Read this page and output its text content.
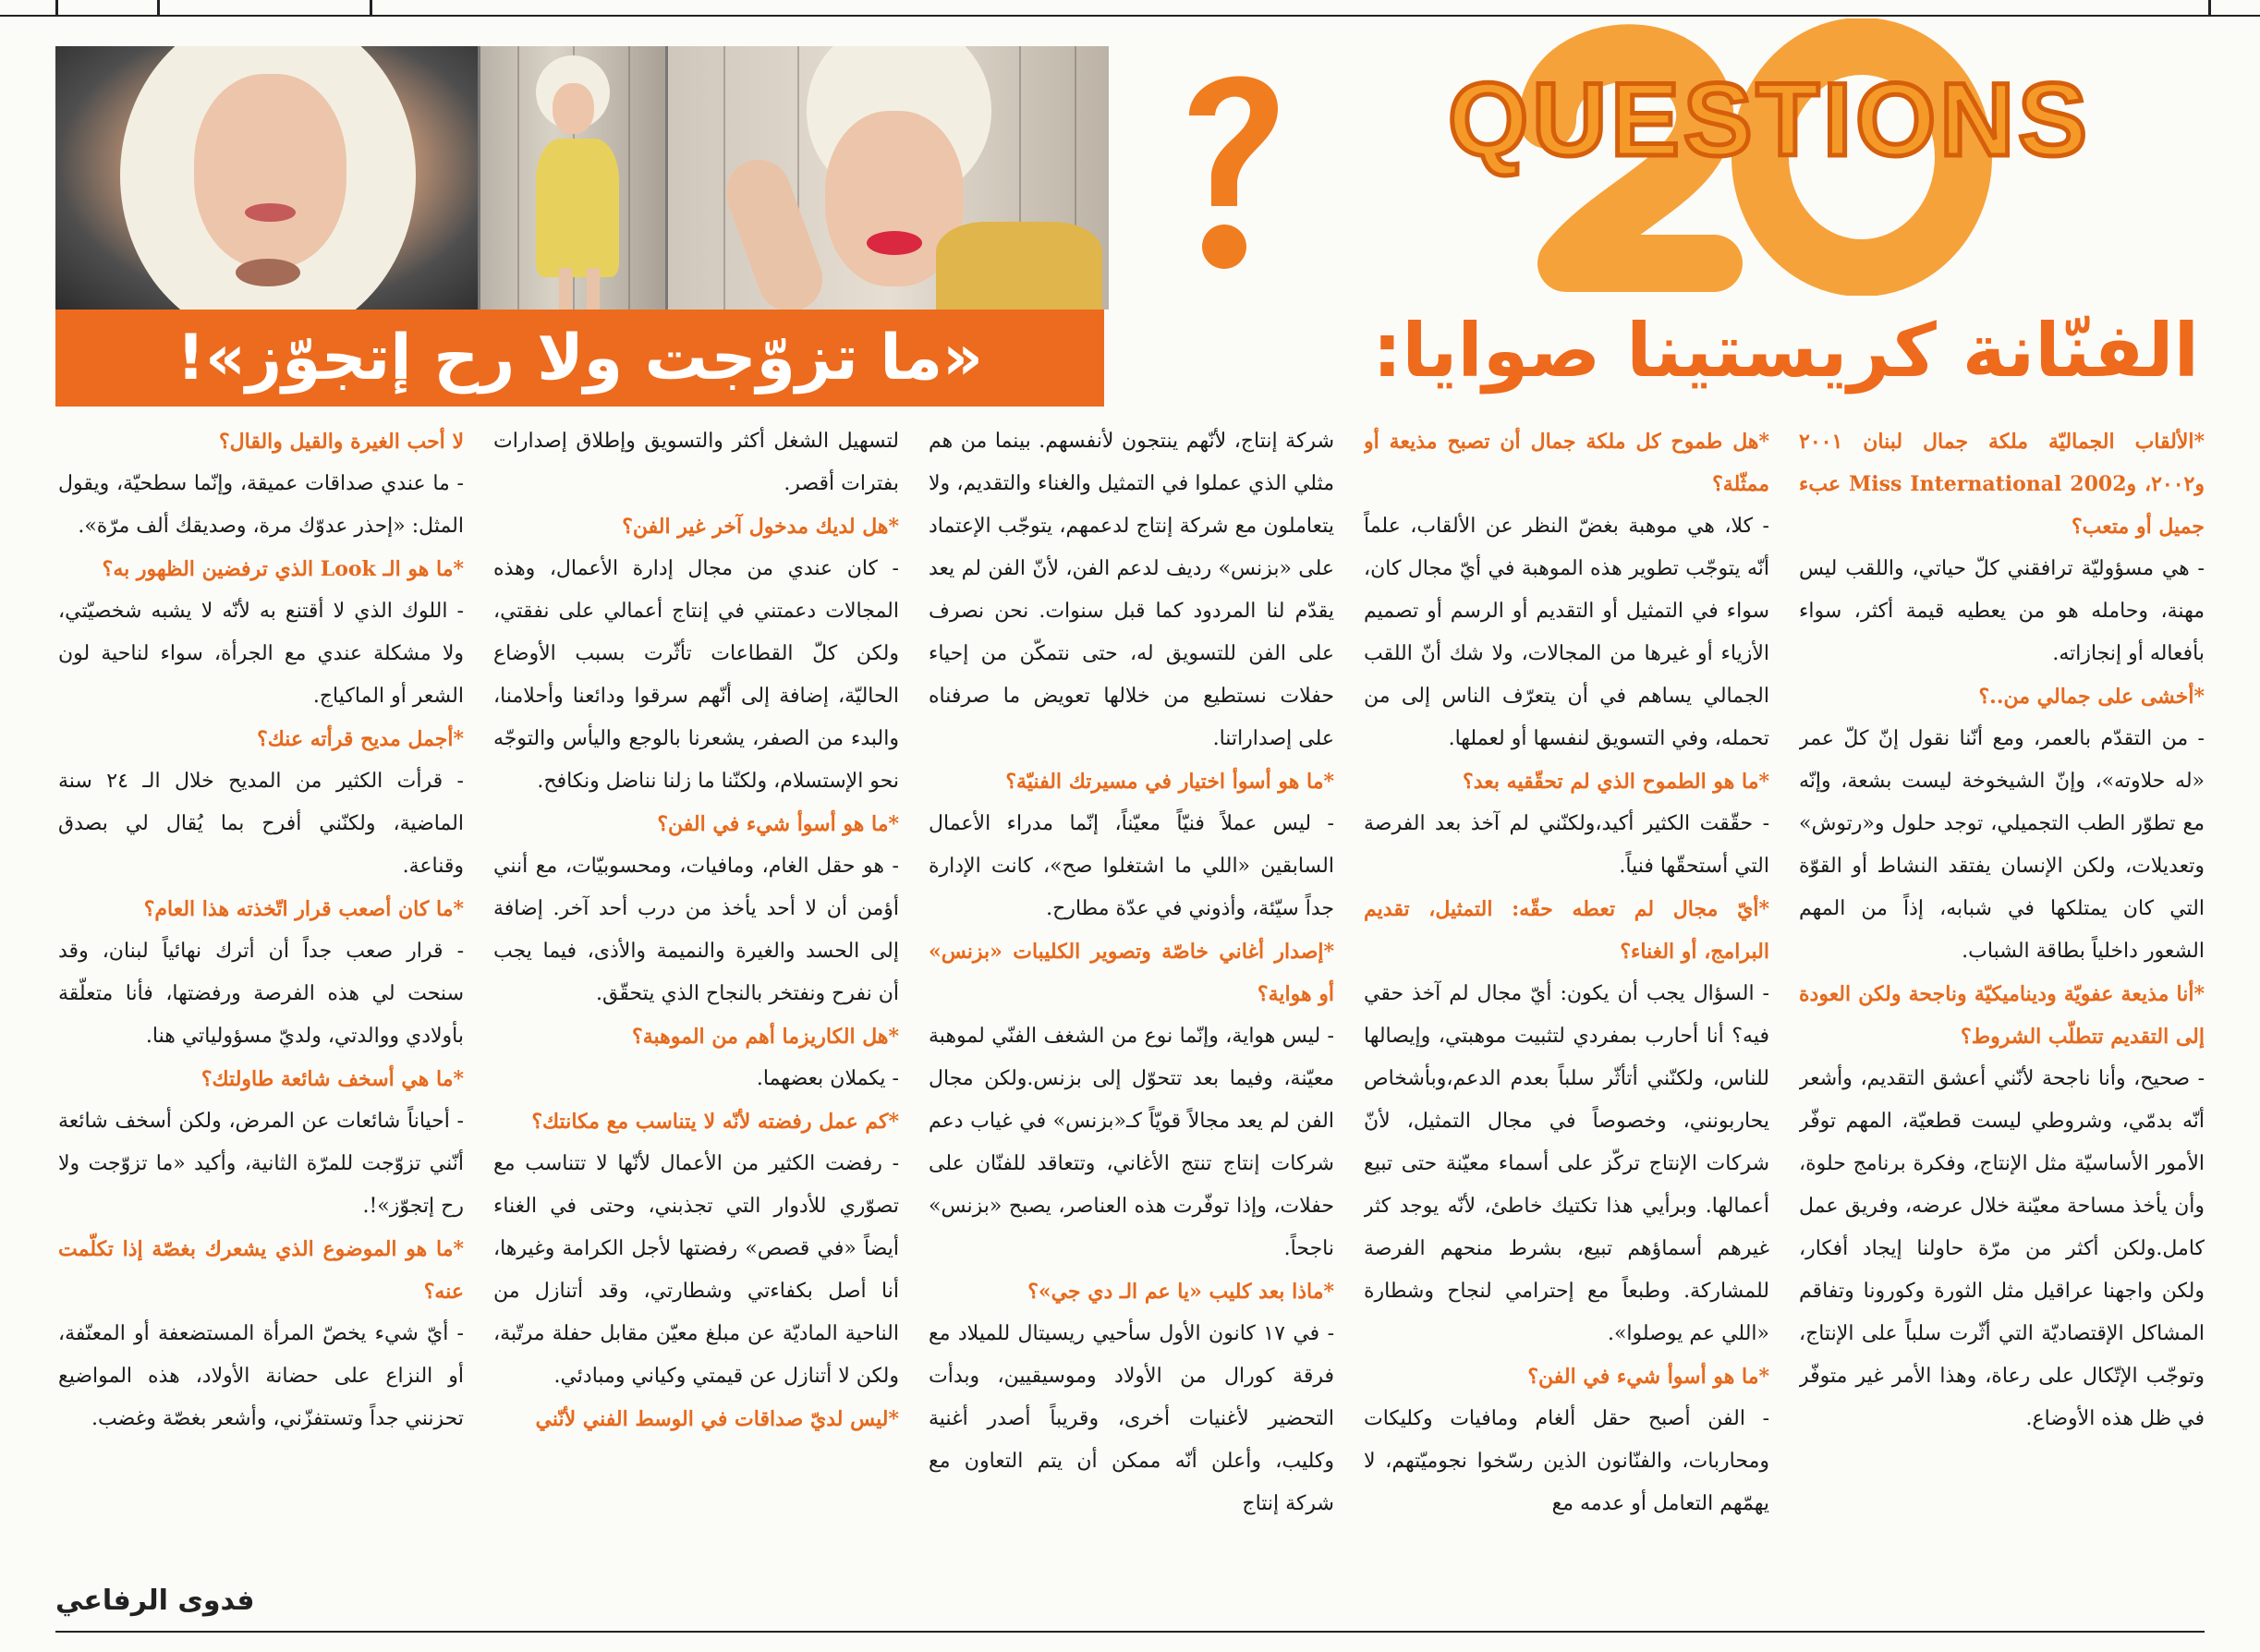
QUESTIONS
الفنّانة كريستينا صوايا:
«ما تزوّجت ولا رح إتجوّز»!

*الألقاب الجماليّة ملكة جمال لبنان ٢٠٠١ و٢٠٠٢، وMiss International 2002 عبء جميل أو متعب؟

- هي مسؤوليّة ترافقني كلّ حياتي، واللقب ليس مهنة، وحامله هو من يعطيه قيمة أكثر، سواء بأفعاله أو إنجازاته.

*أخشى على جمالي من..؟

- من التقدّم بالعمر، ومع أنّنا نقول إنّ كلّ عمر «له حلاوته»، وإنّ الشيخوخة ليست بشعة، وإنّه مع تطوّر الطب التجميلي، توجد حلول و«رتوش» وتعديلات، ولكن الإنسان يفتقد النشاط أو القوّة التي كان يمتلكها في شبابه، إذاً من المهم الشعور داخلياً بطاقة الشباب.

*أنا مذيعة عفويّة وديناميكيّة وناجحة ولكن العودة إلى التقديم تتطلّب الشروط؟

- صحيح، وأنا ناجحة لأنّني أعشق التقديم، وأشعر أنّه بدمّي، وشروطي ليست قطعيّة، المهم توفّر الأمور الأساسيّة مثل الإنتاج، وفكرة برنامج حلوة، وأن يأخذ مساحة معيّنة خلال عرضه، وفريق عمل كامل.ولكن أكثر من مرّة حاولنا إيجاد أفكار، ولكن واجهنا عراقيل مثل الثورة وكورونا وتفاقم المشاكل الإقتصاديّة التي أثّرت سلباً على الإنتاج، وتوجّب الإتّكال على رعاة، وهذا الأمر غير متوفّر في ظل هذه الأوضاع.

*هل طموح كل ملكة جمال أن تصبح مذيعة أو ممثّلة؟

- كلا، هي موهبة بغضّ النظر عن الألقاب، علماً أنّه يتوجّب تطوير هذه الموهبة في أيّ مجال كان، سواء في التمثيل أو التقديم أو الرسم أو تصميم الأزياء أو غيرها من المجالات، ولا شك أنّ اللقب الجمالي يساهم في أن يتعرّف الناس إلى من تحمله، وفي التسويق لنفسها أو لعملها.

*ما هو الطموح الذي لم تحقّقيه بعد؟

- حقّقت الكثير أكيد،ولكنّني لم آخذ بعد الفرصة التي أستحقّها فنياً.

*أيّ مجال لم تعطه حقّه: التمثيل، تقديم البرامج، أو الغناء؟

- السؤال يجب أن يكون: أيّ مجال لم آخذ حقي فيه؟ أنا أحارب بمفردي لتثبيت موهبتي، وإيصالها للناس، ولكنّني أتأثّر سلباً بعدم الدعم،وبأشخاص يحاربونني، وخصوصاً في مجال التمثيل، لأنّ شركات الإنتاج تركّز على أسماء معيّنة حتى تبيع أعمالها. وبرأيي هذا تكتيك خاطئ، لأنّه يوجد كثر غيرهم أسماؤهم تبيع، بشرط منحهم الفرصة للمشاركة. وطبعاً مع إحترامي لنجاح وشطارة «اللي عم يوصلوا».

*ما هو أسوأ شيء في الفن؟

- الفن أصبح حقل ألغام ومافيات وكليكات ومحاربات، والفنّانون الذين رسّخوا نجوميّتهم، لا يهمّهم التعامل أو عدمه مع

شركة إنتاج، لأنّهم ينتجون لأنفسهم. بينما من هم مثلي الذي عملوا في التمثيل والغناء والتقديم، ولا يتعاملون مع شركة إنتاج لدعمهم، يتوجّب الإعتماد على «بزنس» رديف لدعم الفن، لأنّ الفن لم يعد يقدّم لنا المردود كما قبل سنوات. نحن نصرف على الفن للتسويق له، حتى نتمكّن من إحياء حفلات نستطيع من خلالها تعويض ما صرفناه على إصداراتنا.

*ما هو أسوأ اختيار في مسيرتك الفنيّة؟

- ليس عملاً فنيّاً معيّناً، إنّما مدراء الأعمال السابقين «اللي ما اشتغلوا صح»، كانت الإدارة جداً سيّئة، وأذوني في عدّة مطارح.

*إصدار أغاني خاصّة وتصوير الكليبات «بزنس» أو هواية؟

- ليس هواية، وإنّما نوع من الشغف الفنّي لموهبة معيّنة، وفيما بعد تتحوّل إلى بزنس.ولكن مجال الفن لم يعد مجالاً قويّاً كـ«بزنس» في غياب دعم شركات إنتاج تنتج الأغاني، وتتعاقد للفنّان على حفلات، وإذا توفّرت هذه العناصر، يصبح «بزنس» ناجحاً.

*ماذا بعد كليب «يا عم الـ دي جي»؟

- في ١٧ كانون الأول سأحيي ريسيتال للميلاد مع فرقة كورال من الأولاد وموسيقيين، وبدأت التحضير لأغنيات أخرى، وقريباً أصدر أغنية وكليب، وأعلن أنّه ممكن أن يتم التعاون مع شركة إنتاج

لتسهيل الشغل أكثر والتسويق وإطلاق إصدارات بفترات أقصر.

*هل لديك مدخول آخر غير الفن؟

- كان عندي من مجال إدارة الأعمال، وهذه المجالات دعمتني في إنتاج أعمالي على نفقتي، ولكن كلّ القطاعات تأثّرت بسبب الأوضاع الحاليّة، إضافة إلى أنّهم سرقوا ودائعنا وأحلامنا، والبدء من الصفر، يشعرنا بالوجع واليأس والتوجّه نحو الإستسلام، ولكنّنا ما زلنا نناضل ونكافح.

*ما هو أسوأ شيء في الفن؟

- هو حقل الغام، ومافيات، ومحسوبيّات، مع أنني أؤمن أن لا أحد يأخذ من درب أحد آخر. إضافة إلى الحسد والغيرة والنميمة والأذى، فيما يجب أن نفرح ونفتخر بالنجاح الذي يتحقّق.

*هل الكاريزما أهم من الموهبة؟

- يكملان بعضهما.

*كم عمل رفضته لأنّه لا يتناسب مع مكانتك؟

- رفضت الكثير من الأعمال لأنّها لا تتناسب مع تصوّري للأدوار التي تجذبني، وحتى في الغناء أيضاً «في قصص» رفضتها لأجل الكرامة وغيرها، أنا أصل بكفاءتي وشطارتي، وقد أتنازل من الناحية الماديّة عن مبلغ معيّن مقابل حفلة مرتّبة، ولكن لا أتنازل عن قيمتي وكياني ومبادئي.

*ليس لديّ صداقات في الوسط الفني لأنّني

لا أحب الغيرة والقيل والقال؟

- ما عندي صداقات عميقة، وإنّما سطحيّة، ويقول المثل: «إحذر عدوّك مرة، وصديقك ألف مرّة».

*ما هو الـ Look الذي ترفضين الظهور به؟

- اللوك الذي لا أقتنع به لأنّه لا يشبه شخصيّتي، ولا مشكلة عندي مع الجرأة، سواء لناحية لون الشعر أو الماكياج.

*أجمل مديح قرأته عنك؟

- قرأت الكثير من المديح خلال الـ ٢٤ سنة الماضية، ولكنّني أفرح بما يُقال لي بصدق وقناعة.

*ما كان أصعب قرار اتّخذته هذا العام؟

- قرار صعب جداً أن أترك نهائياً لبنان، وقد سنحت لي هذه الفرصة ورفضتها، فأنا متعلّقة بأولادي ووالدتي، ولديّ مسؤولياتي هنا.

*ما هي أسخف شائعة طاولتك؟

- أحياناً شائعات عن المرض، ولكن أسخف شائعة أنّني تزوّجت للمرّة الثانية، وأكيد «ما تزوّجت ولا رح إتجوّز»!.

*ما هو الموضوع الذي يشعرك بغصّة إذا تكلّمت عنه؟

- أيّ شيء يخصّ المرأة المستضعفة أو المعنّفة، أو النزاع على حضانة الأولاد، هذه المواضيع تحزنني جداً وتستفزّني، وأشعر بغصّة وغضب.

فدوى الرفاعي
